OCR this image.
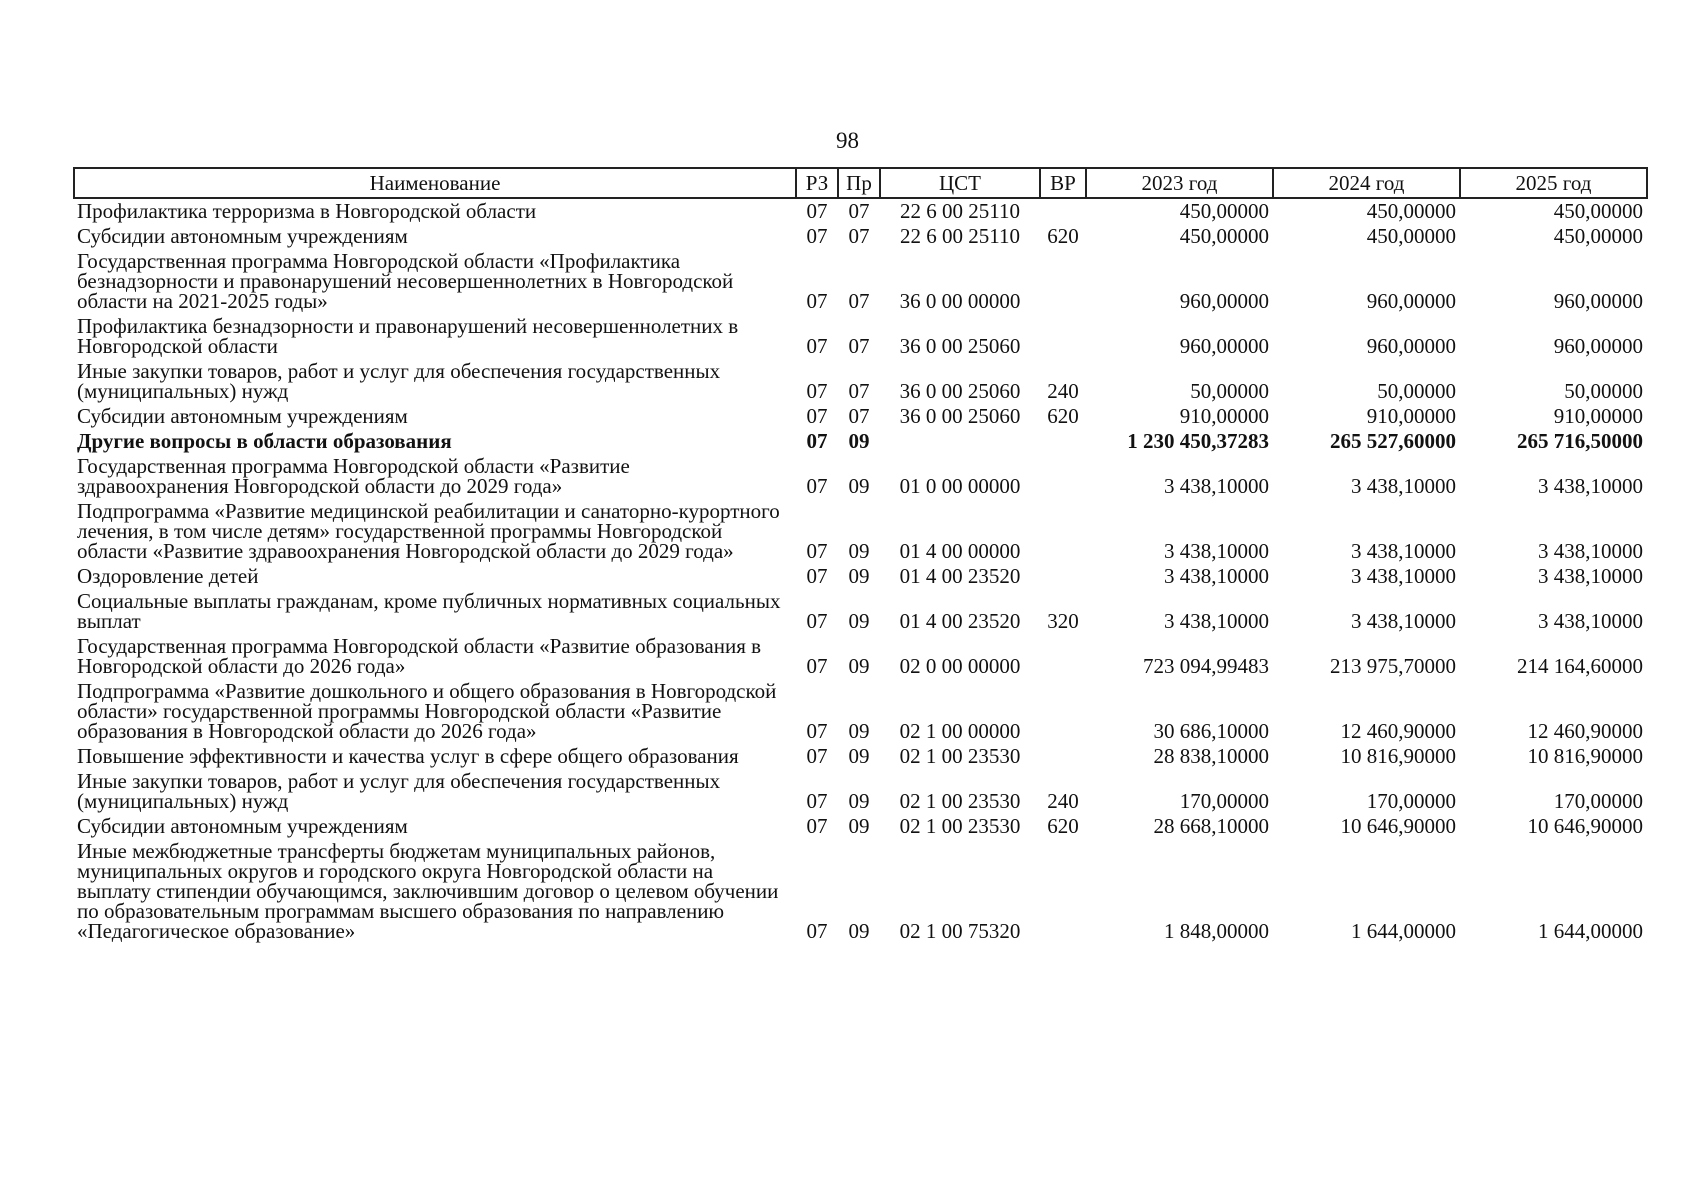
98
Наименование	РЗ	Пр	ЦСТ	ВР	2023 год	2024 год	2025 год
Профилактика терроризма в Новгородской области	07	07	22 6 00 25110		450,00000	450,00000	450,00000
Субсидии автономным учреждениям	07	07	22 6 00 25110	620	450,00000	450,00000	450,00000
Государственная программа Новгородской области «Профилактика безнадзорности и правонарушений несовершеннолетних в Новгородской области на 2021-2025 годы»	07	07	36 0 00 00000		960,00000	960,00000	960,00000
Профилактика безнадзорности и правонарушений несовершеннолетних в Новгородской области	07	07	36 0 00 25060		960,00000	960,00000	960,00000
Иные закупки товаров, работ и услуг для обеспечения государственных (муниципальных) нужд	07	07	36 0 00 25060	240	50,00000	50,00000	50,00000
Субсидии автономным учреждениям	07	07	36 0 00 25060	620	910,00000	910,00000	910,00000
Другие вопросы в области образования	07	09			1 230 450,37283	265 527,60000	265 716,50000
Государственная программа Новгородской области «Развитие здравоохранения Новгородской области до 2029 года»	07	09	01 0 00 00000		3 438,10000	3 438,10000	3 438,10000
Подпрограмма «Развитие медицинской реабилитации и санаторно-курортного лечения, в том числе детям» государственной программы Новгородской области «Развитие здравоохранения Новгородской области до 2029 года»	07	09	01 4 00 00000		3 438,10000	3 438,10000	3 438,10000
Оздоровление детей	07	09	01 4 00 23520		3 438,10000	3 438,10000	3 438,10000
Социальные выплаты гражданам, кроме публичных нормативных социальных выплат	07	09	01 4 00 23520	320	3 438,10000	3 438,10000	3 438,10000
Государственная программа Новгородской области «Развитие образования в Новгородской области до 2026 года»	07	09	02 0 00 00000		723 094,99483	213 975,70000	214 164,60000
Подпрограмма «Развитие дошкольного и общего образования в Новгородской области» государственной программы Новгородской области «Развитие образования в Новгородской области до 2026 года»	07	09	02 1 00 00000		30 686,10000	12 460,90000	12 460,90000
Повышение эффективности и качества услуг в сфере общего образования	07	09	02 1 00 23530		28 838,10000	10 816,90000	10 816,90000
Иные закупки товаров, работ и услуг для обеспечения государственных (муниципальных) нужд	07	09	02 1 00 23530	240	170,00000	170,00000	170,00000
Субсидии автономным учреждениям	07	09	02 1 00 23530	620	28 668,10000	10 646,90000	10 646,90000
Иные межбюджетные трансферты бюджетам муниципальных районов, муниципальных округов и городского округа Новгородской области на выплату стипендии обучающимся, заключившим договор о целевом обучении по образовательным программам высшего образования по направлению «Педагогическое образование»	07	09	02 1 00 75320		1 848,00000	1 644,00000	1 644,00000
